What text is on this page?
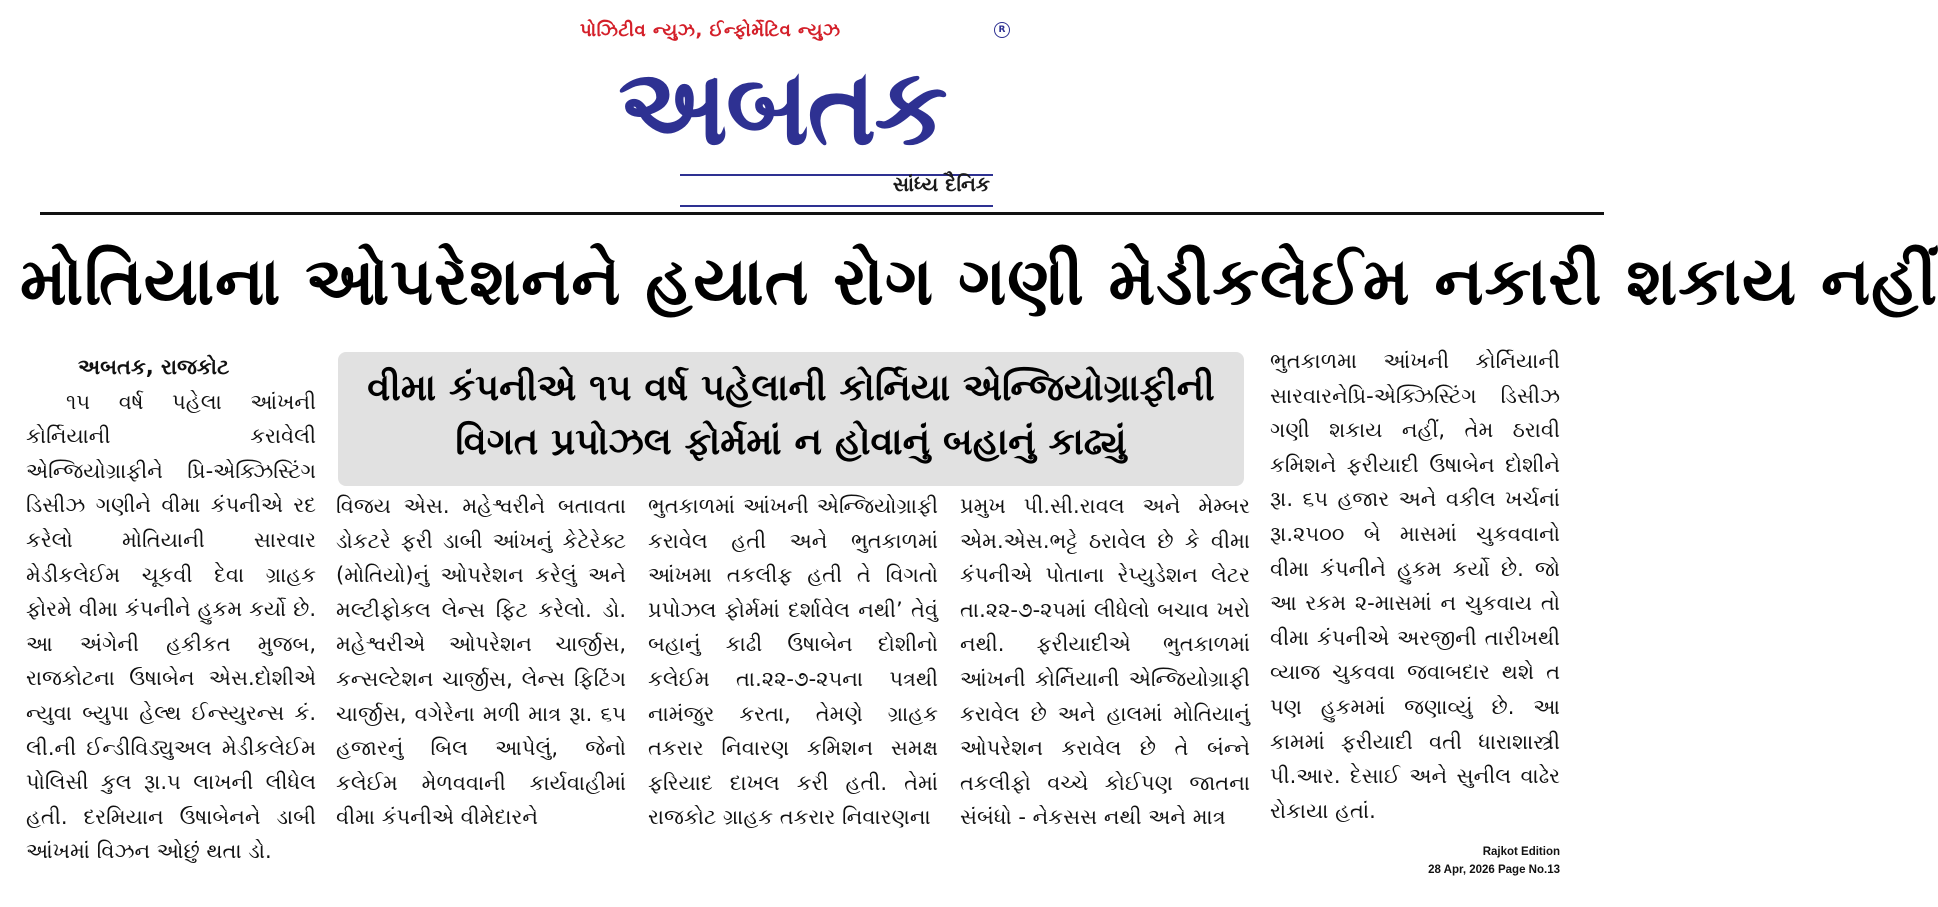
પોઝિટીવ ન્યુઝ, ઈન્ફોર્મેટિવ ન્યુઝ	R
અબતક
સાંધ્ય દૈનિક
મોતિયાના ઓપરેશનને હયાત રોગ ગણી મેડીકલેઈમ નકારી શકાય નહીં
અબતક, રાજકોટ

૧૫ વર્ષ પહેલા આંખની કોર્નિયાની કરાવેલી એન્જિયોગ્રાફીને પ્રિ-એક્ઝિસ્ટિંગ ડિસીઝ ગણીને વીમા કંપનીએ રદ કરેલો મોતિયાની સારવાર મેડીકલેઈમ ચૂકવી દેવા ગ્રાહક ફોરમે વીમા કંપનીને હુકમ કર્યો છે. આ અંગેની હકીકત મુજબ, રાજકોટના ઉષાબેન એસ.દોશીએ ન્યુવા બ્યુપા હેલ્થ ઈન્સ્યુરન્સ કં. લી.ની ઈન્ડીવિડ્યુઅલ મેડીકલેઈમ પોલિસી કુલ રૂા.૫ લાખની લીધેલ હતી. દરમિયાન ઉષાબેનને ડાબી આંખમાં વિઝન ઓછું થતા ડો.

વીમા કંપનીએ ૧૫ વર્ષ પહેલાની કોર્નિયા એન્જિયોગ્રાફીની
વિગત પ્રપોઝલ ફોર્મમાં ન હોવાનું બહાનું કાઢ્યું

વિજય એસ. મહેશ્વરીને બતાવતા ડોકટરે ફરી ડાબી આંખનું કેટેરેક્ટ (મોતિયો)નું ઓપરેશન કરેલું અને મલ્ટીફોકલ લેન્સ ફિટ કરેલો. ડો. મહેશ્વરીએ ઓપરેશન ચાર્જીસ, કન્સલ્ટેશન ચાર્જીસ, લેન્સ ફિટિંગ ચાર્જીસ, વગેરેના મળી માત્ર રૂા. ૬૫ હજારનું બિલ આપેલું, જેનો કલેઈમ મેળવવાની કાર્યવાહીમાં વીમા કંપનીએ વીમેદારને

ભુતકાળમાં આંખની એન્જિયોગ્રાફી કરાવેલ હતી અને ભુતકાળમાં આંખમા તકલીફ હતી તે વિગતો પ્રપોઝલ ફોર્મમાં દર્શાવેલ નથી’ તેવું બહાનું કાઢી ઉષાબેન દોશીનો કલેઈમ તા.૨૨-૭-૨૫ના પત્રથી નામંજુર કરતા, તેમણે ગ્રાહક તકરાર નિવારણ કમિશન સમક્ષ ફરિયાદ દાખલ કરી હતી. તેમાં રાજકોટ ગ્રાહક તકરાર નિવારણના

પ્રમુખ પી.સી.રાવલ અને મેમ્બર એમ.એસ.ભટ્ટે ઠરાવેલ છે કે વીમા કંપનીએ પોતાના રેપ્યુડેશન લેટર તા.૨૨-૭-૨૫માં લીધેલો બચાવ ખરો નથી. ફરીયાદીએ ભુતકાળમાં આંખની કોર્નિયાની એન્જિયોગ્રાફી કરાવેલ છે અને હાલમાં મોતિયાનું ઓપરેશન કરાવેલ છે તે બંન્ને તકલીફો વચ્ચે કોઈપણ જાતના સંબંધો - નેકસસ નથી અને માત્ર

ભુતકાળમા આંખની કોર્નિયાની સારવારનેપ્રિ-એક્ઝિસ્ટિંગ ડિસીઝ ગણી શકાય નહીં, તેમ ઠરાવી કમિશને ફરીયાદી ઉષાબેન દોશીને રૂા. ૬૫ હજાર અને વકીલ ખર્ચનાં રૂા.૨૫૦૦ બે માસમાં ચુકવવાનો વીમા કંપનીને હુકમ કર્યો છે. જો આ રકમ ૨-માસમાં ન ચુકવાય તો વીમા કંપનીએ અરજીની તારીખથી વ્યાજ ચુકવવા જવાબદાર થશે ત પણ હુકમમાં જણાવ્યું છે. આ કામમાં ફરીયાદી વતી ધારાશાસ્ત્રી પી.આર. દેસાઈ અને સુનીલ વાઢેર રોકાયા હતાં.

Rajkot Edition
28 Apr, 2026 Page No.13
